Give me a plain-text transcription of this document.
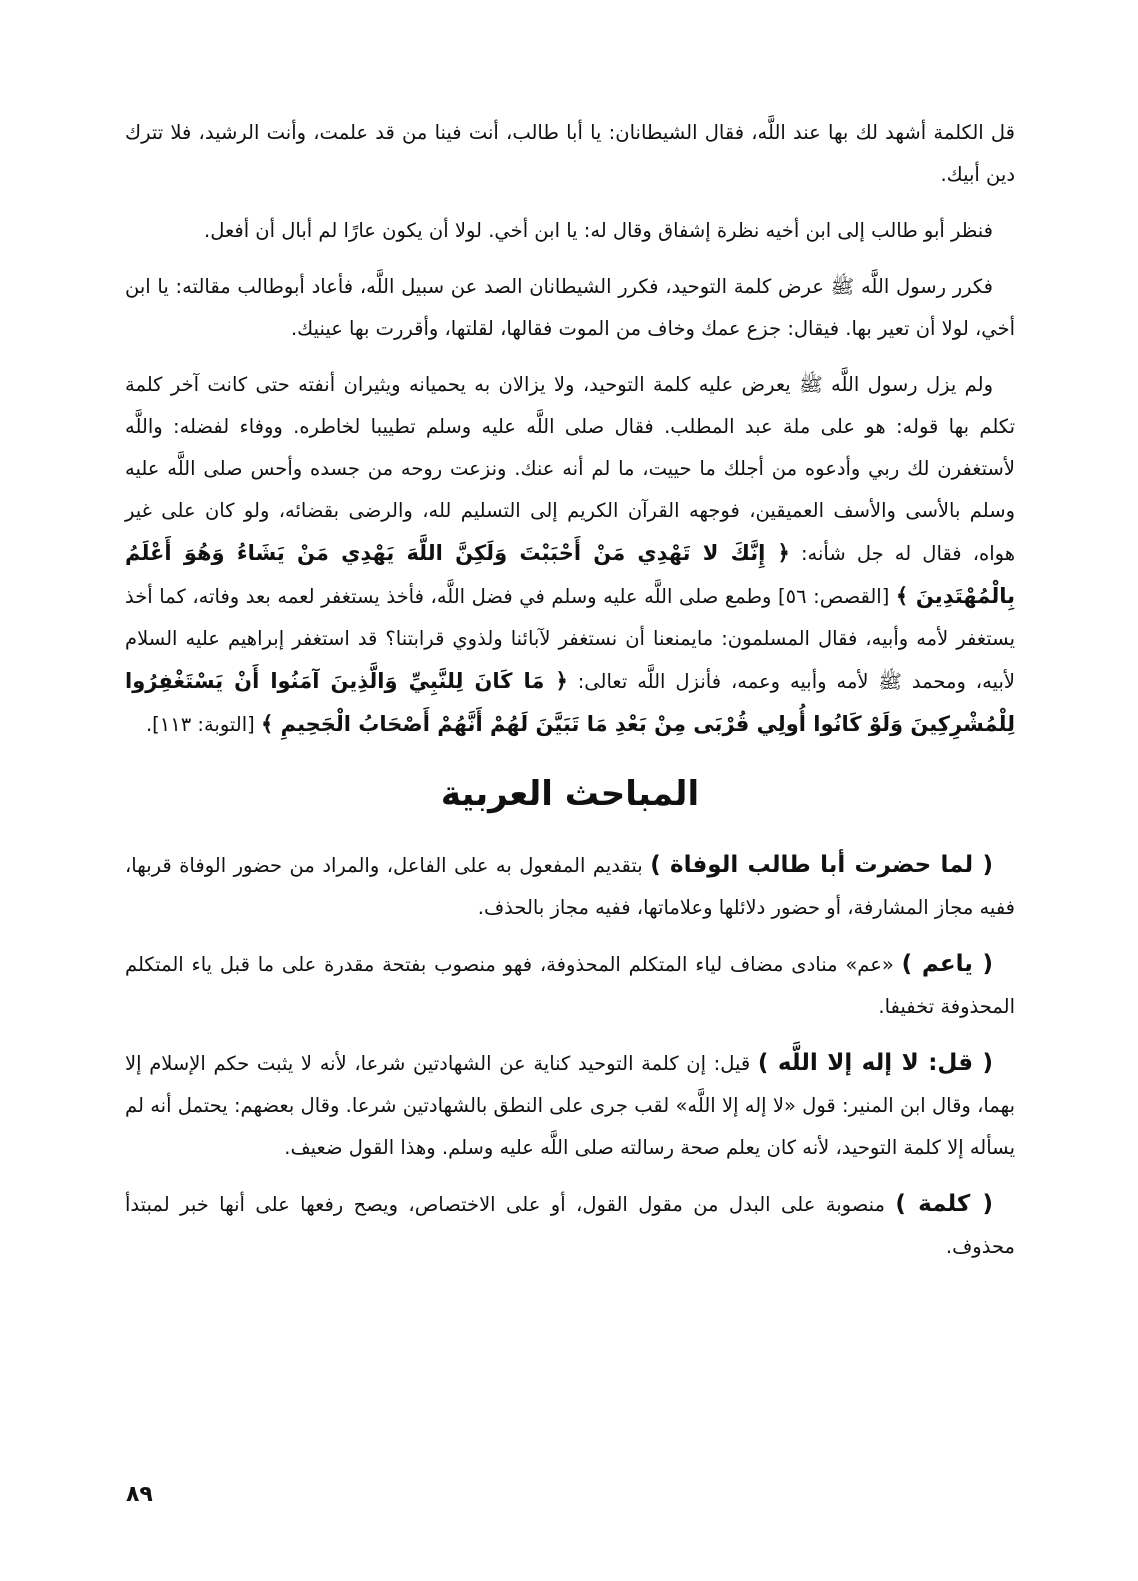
قل الكلمة أشهد لك بها عند اللَّه، فقال الشيطانان: يا أبا طالب، أنت فينا من قد علمت، وأنت الرشيد، فلا تترك دين أبيك.

فنظر أبو طالب إلى ابن أخيه نظرة إشفاق وقال له: يا ابن أخي. لولا أن يكون عارًا لم أبال أن أفعل.

فكرر رسول اللَّه ﷺ عرض كلمة التوحيد، فكرر الشيطانان الصد عن سبيل اللَّه، فأعاد أبوطالب مقالته: يا ابن أخي، لولا أن تعير بها. فيقال: جزع عمك وخاف من الموت فقالها، لقلتها، وأقررت بها عينيك.

ولم يزل رسول اللَّه ﷺ يعرض عليه كلمة التوحيد، ولا يزالان به يحميانه ويثيران أنفته حتى كانت آخر كلمة تكلم بها قوله: هو على ملة عبد المطلب. فقال صلى اللَّه عليه وسلم تطييبا لخاطره. ووفاء لفضله: واللَّه لأستغفرن لك ربي وأدعوه من أجلك ما حييت، ما لم أنه عنك. ونزعت روحه من جسده وأحس صلى اللَّه عليه وسلم بالأسى والأسف العميقين، فوجهه القرآن الكريم إلى التسليم لله، والرضى بقضائه، ولو كان على غير هواه، فقال له جل شأنه: ﴿ إِنَّكَ لا تَهْدِي مَنْ أَحْبَبْتَ وَلَكِنَّ اللَّهَ يَهْدِي مَنْ يَشَاءُ وَهُوَ أَعْلَمُ بِالْمُهْتَدِينَ ﴾ [القصص: ٥٦] وطمع صلى اللَّه عليه وسلم في فضل اللَّه، فأخذ يستغفر لعمه بعد وفاته، كما أخذ يستغفر لأمه وأبيه، فقال المسلمون: مايمنعنا أن نستغفر لآبائنا ولذوي قرابتنا؟ قد استغفر إبراهيم عليه السلام لأبيه، ومحمد ﷺ لأمه وأبيه وعمه، فأنزل اللَّه تعالى: ﴿ مَا كَانَ لِلنَّبِيِّ وَالَّذِينَ آمَنُوا أَنْ يَسْتَغْفِرُوا لِلْمُشْرِكِينَ وَلَوْ كَانُوا أُولِي قُرْبَى مِنْ بَعْدِ مَا تَبَيَّنَ لَهُمْ أَنَّهُمْ أَصْحَابُ الْجَحِيمِ ﴾ [التوبة: ١١٣].

المباحث العربية

( لما حضرت أبا طالب الوفاة ) بتقديم المفعول به على الفاعل، والمراد من حضور الوفاة قربها، ففيه مجاز المشارفة، أو حضور دلائلها وعلاماتها، ففيه مجاز بالحذف.

( ياعم ) «عم» منادى مضاف لياء المتكلم المحذوفة، فهو منصوب بفتحة مقدرة على ما قبل ياء المتكلم المحذوفة تخفيفا.

( قل: لا إله إلا اللَّه ) قيل: إن كلمة التوحيد كناية عن الشهادتين شرعا، لأنه لا يثبت حكم الإسلام إلا بهما، وقال ابن المنير: قول «لا إله إلا اللَّه» لقب جرى على النطق بالشهادتين شرعا. وقال بعضهم: يحتمل أنه لم يسأله إلا كلمة التوحيد، لأنه كان يعلم صحة رسالته صلى اللَّه عليه وسلم. وهذا القول ضعيف.

( كلمة ) منصوبة على البدل من مقول القول، أو على الاختصاص، ويصح رفعها على أنها خبر لمبتدأ محذوف.

٨٩
